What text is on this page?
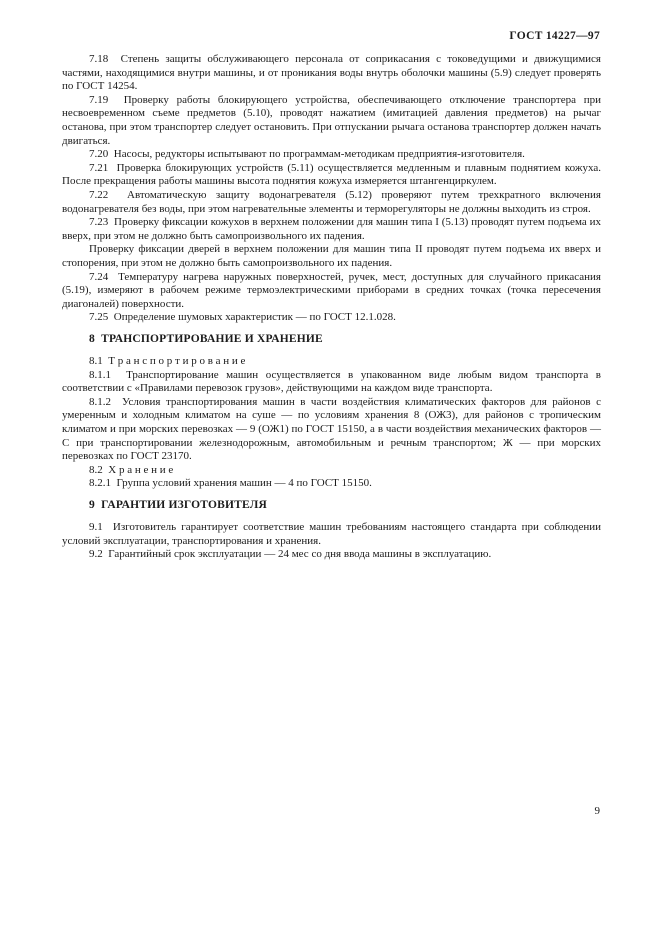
ГОСТ 14227—97

7.18  Степень защиты обслуживающего персонала от соприкасания с токоведущими и движущимися частями, находящимися внутри машины, и от проникания воды внутрь оболочки машины (5.9) следует проверять по ГОСТ 14254.

7.19  Проверку работы блокирующего устройства, обеспечивающего отключение транспортера при несвоевременном съеме предметов (5.10), проводят нажатием (имитацией давления предметов) на рычаг останова, при этом транспортер следует остановить. При отпускании рычага останова транспортер должен начать двигаться.

7.20  Насосы, редукторы испытывают по программам-методикам предприятия-изготовителя.

7.21  Проверка блокирующих устройств (5.11) осуществляется медленным и плавным поднятием кожуха. После прекращения работы машины высота поднятия кожуха измеряется штангенциркулем.

7.22  Автоматическую защиту водонагревателя (5.12) проверяют путем трехкратного включения водонагревателя без воды, при этом нагревательные элементы и терморегуляторы не должны выходить из строя.

7.23  Проверку фиксации кожухов в верхнем положении для машин типа I (5.13) проводят путем подъема их вверх, при этом не должно быть самопроизвольного их падения.

Проверку фиксации дверей в верхнем положении для машин типа II проводят путем подъема их вверх и стопорения, при этом не должно быть самопроизвольного их падения.

7.24  Температуру нагрева наружных поверхностей, ручек, мест, доступных для случайного прикасания (5.19), измеряют в рабочем режиме термоэлектрическими приборами в средних точках (точка пересечения диагоналей) поверхности.

7.25  Определение шумовых характеристик — по ГОСТ 12.1.028.

8  ТРАНСПОРТИРОВАНИЕ И ХРАНЕНИЕ

8.1  Т р а н с п о р т и р о в а н и е

8.1.1  Транспортирование машин осуществляется в упакованном виде любым видом транспорта в соответствии с «Правилами перевозок грузов», действующими на каждом виде транспорта.

8.1.2  Условия транспортирования машин в части воздействия климатических факторов для районов с умеренным и холодным климатом на суше — по условиям хранения 8 (ОЖ3), для районов с тропическим климатом и при морских перевозках — 9 (ОЖ1) по ГОСТ 15150, а в части воздействия механических факторов — С при транспортировании железнодорожным, автомобильным и речным транспортом; Ж — при морских перевозках по ГОСТ 23170.

8.2  Х р а н е н и е

8.2.1  Группа условий хранения машин — 4 по ГОСТ 15150.

9  ГАРАНТИИ ИЗГОТОВИТЕЛЯ

9.1  Изготовитель гарантирует соответствие машин требованиям настоящего стандарта при соблюдении условий эксплуатации, транспортирования и хранения.

9.2  Гарантийный срок эксплуатации — 24 мес со дня ввода машины в эксплуатацию.

9
